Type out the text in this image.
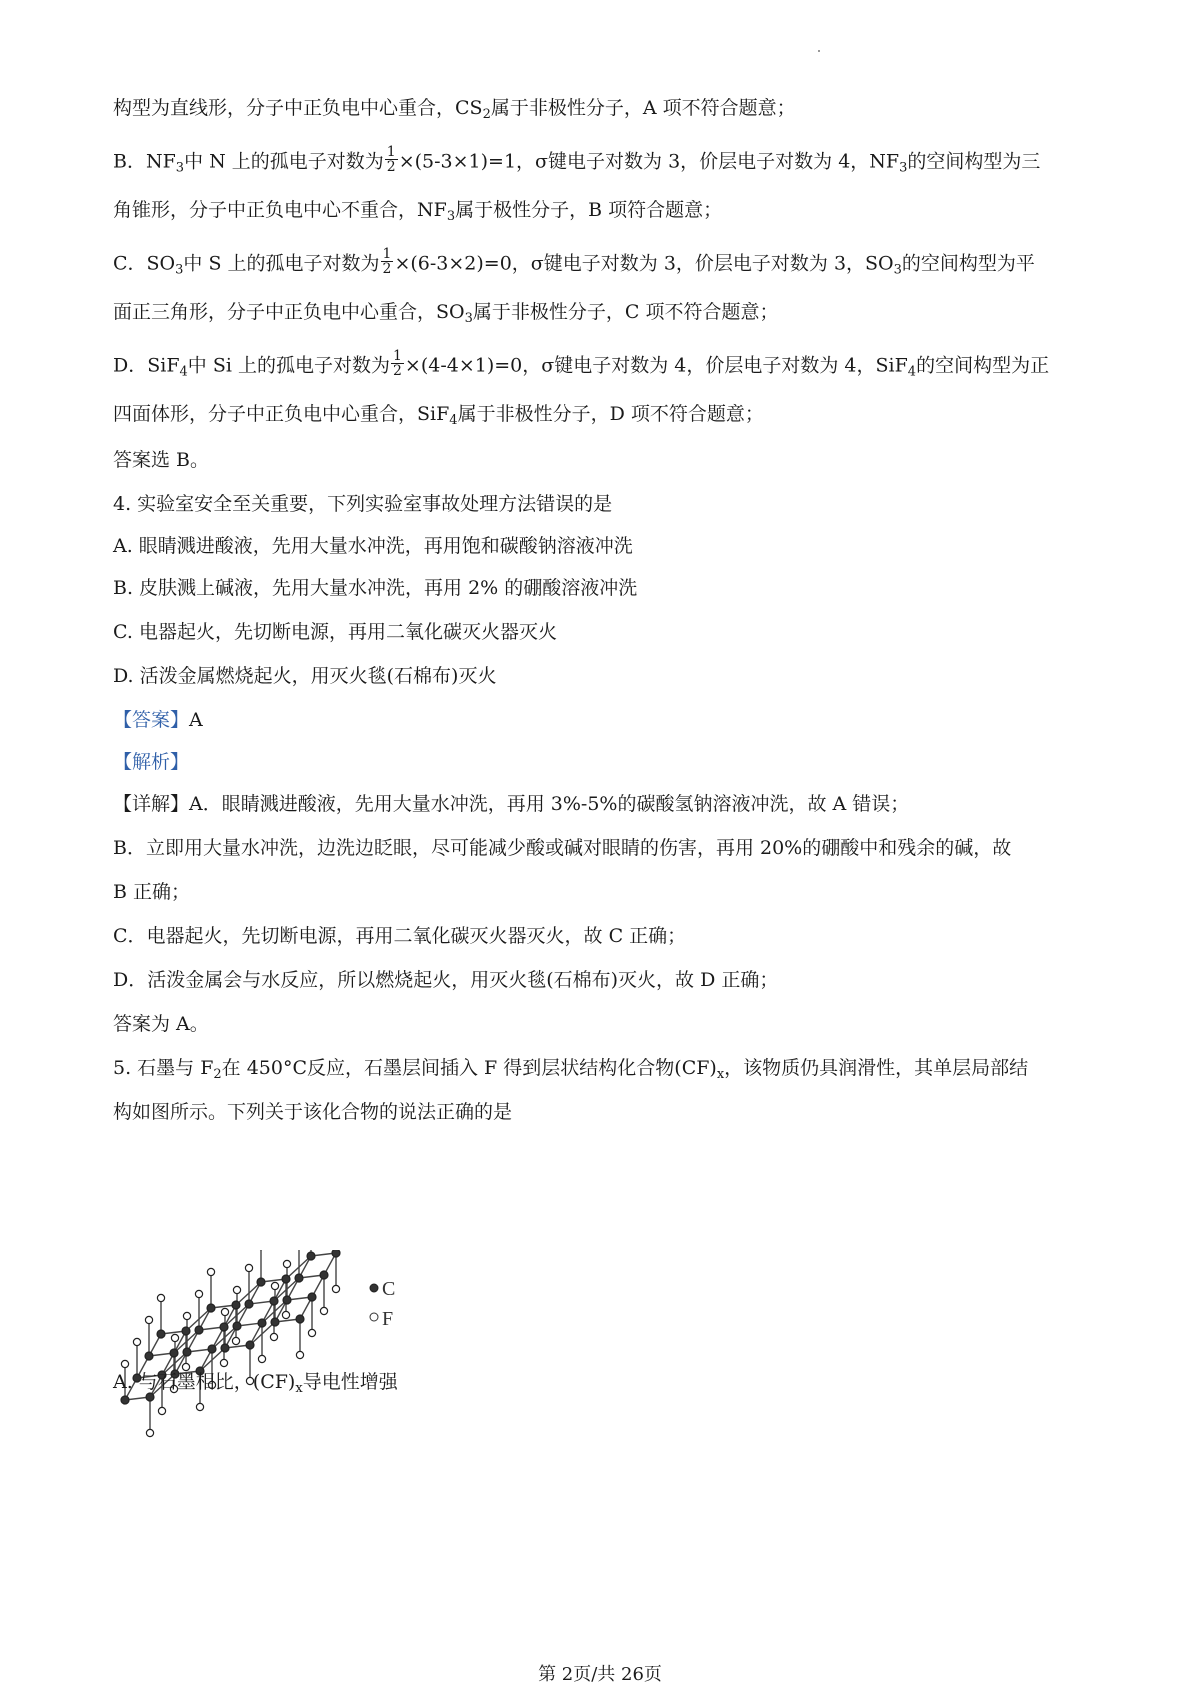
构型为直线形，分子中正负电中心重合，$CS_2$属于非极性分子，A 项不符合题意；
B．$NF_3$中 N 上的孤电子对数为 $\frac{1}{2} \times(5-3\times 1)=1$，σ键电子对数为 3，价层电子对数为 4，$NF_3$的空间构型为三
角锥形，分子中正负电中心不重合，$NF_3$属于极性分子，B 项符合题意；
C．$SO_3$中 S 上的孤电子对数为 $\frac{1}{2} \times(6-3\times 2)=0$，σ键电子对数为 3，价层电子对数为 3，$SO_3$的空间构型为平
面正三角形，分子中正负电中心重合，$SO_3$属于非极性分子，C 项不符合题意；
D．SiF$_4$中 Si 上的孤电子对数为 $\frac{1}{2} \times(4-4\times 1)=0$，σ键电子对数为 4，价层电子对数为 4，SiF$_4$的空间构型为正
四面体形，分子中正负电中心重合，SiF$_4$属于非极性分子，D 项不符合题意；
答案选 B。
4. 实验室安全至关重要，下列实验室事故处理方法错误的是
A. 眼睛溅进酸液，先用大量水冲洗，再用饱和碳酸钠溶液冲洗
B. 皮肤溅上碱液，先用大量水冲洗，再用 2% 的硼酸溶液冲洗
C. 电器起火，先切断电源，再用二氧化碳灭火器灭火
D. 活泼金属燃烧起火，用灭火毯(石棉布)灭火
【答案】A
【解析】
【详解】A．眼睛溅进酸液，先用大量水冲洗，再用 3%-5%的碳酸氢钠溶液冲洗，故 A 错误；
B．立即用大量水冲洗，边洗边眨眼，尽可能减少酸或碱对眼睛的伤害，再用 20%的硼酸中和残余的碱，故
B 正确；
C．电器起火，先切断电源，再用二氧化碳灭火器灭火，故 C 正确；
D．活泼金属会与水反应，所以燃烧起火，用灭火毯(石棉布)灭火，故 D 正确；
答案为 A。
5. 石墨与 $F_2$在 450°C反应，石墨层间插入 F 得到层状结构化合物$(CF)_x$，该物质仍具润滑性，其单层局部结
构如图所示。下列关于该化合物的说法正确的是
C
F
A. 与石墨相比，$(CF)_x$导电性增强
第 2页/共 26页
